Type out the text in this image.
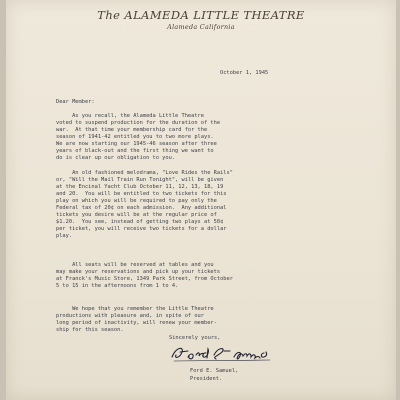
The ALAMEDA LITTLE THEATRE
Alameda California
October 1, 1945
Dear Member:
As you recall, the Alameda Little Theatre
voted to suspend production for the duration of the
war.  At that time your membership card for the
season of 1941-42 entitled you to two more plays.
We are now starting our 1945-46 season after three
years of black-out and the first thing we want to
do is clear up our obligation to you.
An old fashioned melodrama, "Love Rides the Rails"
or, "Will the Mail Train Run Tonight", will be given
at the Encinal Yacht Club October 11, 12, 13, 18, 19
and 20.  You will be entitled to two tickets for this
play on which you will be required to pay only the
Federal tax of 20¢ on each admission.  Any additional
tickets you desire will be at the regular price of
$1.20.  You see, instead of getting two plays at 50¢
per ticket, you will receive two tickets for a dollar
play.
All seats will be reserved at tables and you
may make your reservations and pick up your tickets
at Franck's Music Store, 1349 Park Street, from October
5 to 15 in the afternoons from 1 to 4.
We hope that you remember the Little Theatre
productions with pleasure and, in spite of our
long period of inactivity, will renew your member-
ship for this season.
Sincerely yours,
Ford E. Samuel,
President.
